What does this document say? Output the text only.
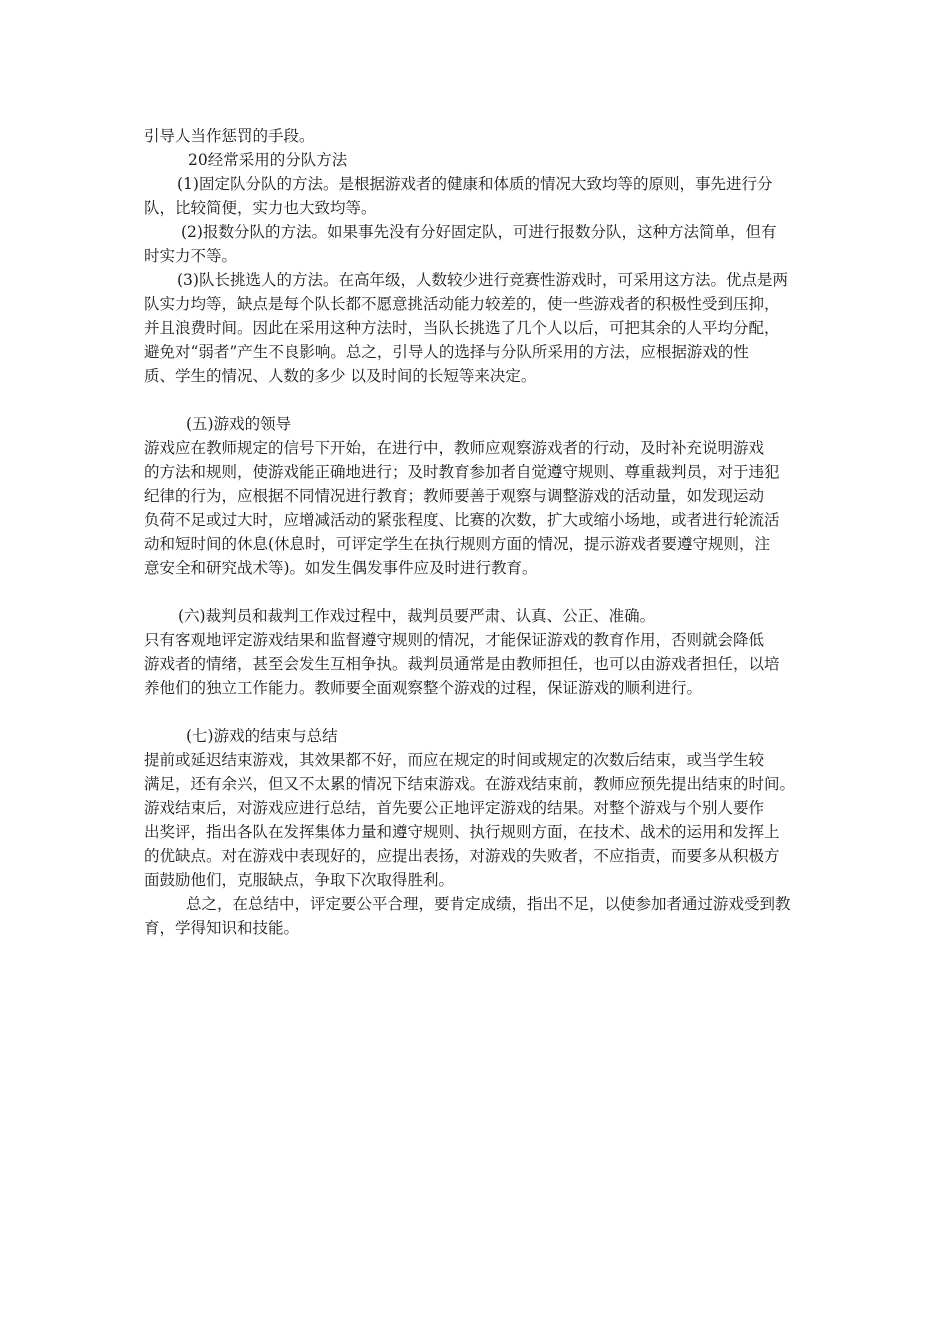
引导人当作惩罚的手段。
20经常采用的分队方法
(1)固定队分队的方法。是根据游戏者的健康和体质的情况大致均等的原则，事先进行分
队，比较简便，实力也大致均等。
(2)报数分队的方法。如果事先没有分好固定队，可进行报数分队，这种方法简单，但有
时实力不等。
(3)队长挑选人的方法。在高年级，人数较少进行竞赛性游戏时，可采用这方法。优点是两
队实力均等，缺点是每个队长都不愿意挑活动能力较差的，使一些游戏者的积极性受到压抑，
并且浪费时间。因此在采用这种方法时，当队长挑选了几个人以后，可把其余的人平均分配，
避免对“弱者”产生不良影响。总之，引导人的选择与分队所采用的方法，应根据游戏的性
质、学生的情况、人数的多少 以及时间的长短等来决定。
(五)游戏的领导
游戏应在教师规定的信号下开始，在进行中，教师应观察游戏者的行动，及时补充说明游戏
的方法和规则，使游戏能正确地进行；及时教育参加者自觉遵守规则、尊重裁判员，对于违犯
纪律的行为，应根据不同情况进行教育；教师要善于观察与调整游戏的活动量，如发现运动
负荷不足或过大时，应增减活动的紧张程度、比赛的次数，扩大或缩小场地，或者进行轮流活
动和短时间的休息(休息时，可评定学生在执行规则方面的情况，提示游戏者要遵守规则，注
意安全和研究战术等)。如发生偶发事件应及时进行教育。
(六)裁判员和裁判工作戏过程中，裁判员要严肃、认真、公正、准确。
只有客观地评定游戏结果和监督遵守规则的情况，才能保证游戏的教育作用，否则就会降低
游戏者的情绪，甚至会发生互相争执。裁判员通常是由教师担任，也可以由游戏者担任，以培
养他们的独立工作能力。教师要全面观察整个游戏的过程，保证游戏的顺利进行。
(七)游戏的结束与总结
提前或延迟结束游戏，其效果都不好，而应在规定的时间或规定的次数后结束，或当学生较
满足，还有余兴，但又不太累的情况下结束游戏。在游戏结束前，教师应预先提出结束的时间。
游戏结束后，对游戏应进行总结，首先要公正地评定游戏的结果。对整个游戏与个别人要作
出奖评，指出各队在发挥集体力量和遵守规则、执行规则方面，在技术、战术的运用和发挥上
的优缺点。对在游戏中表现好的，应提出表扬，对游戏的失败者，不应指责，而要多从积极方
面鼓励他们，克服缺点，争取下次取得胜利。
总之，在总结中，评定要公平合理，要肯定成绩，指出不足，以使参加者通过游戏受到教
育，学得知识和技能。
